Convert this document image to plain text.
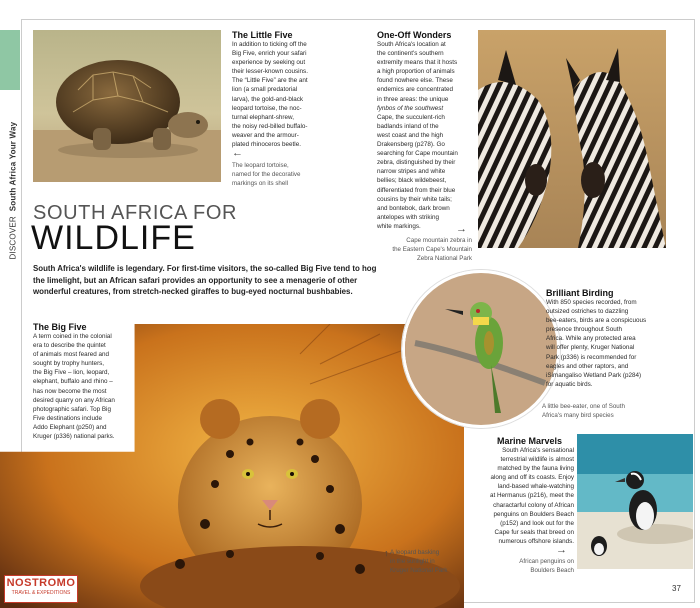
DISCOVER  South Africa Your Way
The Little Five
In addition to ticking off the
Big Five, enrich your safari
experience by seeking out
their lesser-known cousins.
The “Little Five” are the ant
lion (a small predatorial
larva), the gold-and-black
leopard tortoise, the noc-
turnal elephant-shrew,
the noisy red-billed buffalo-
weaver and the armour-
plated rhinoceros beetle.
←
The leopard tortoise,
named for the decorative
markings on its shell
One-Off Wonders
South Africa's location at
the continent's southern
extremity means that it hosts
a high proportion of animals
found nowhere else. These
endemics are concentrated
in three areas: the unique
fynbos of the southwest
Cape, the succulent-rich
badlands inland of the
west coast and the high
Drakensberg (p278). Go
searching for Cape mountain
zebra, distinguished by their
narrow stripes and white
bellies; black wildebeest,
differentiated from their blue
cousins by their white tails;
and bontebok, dark brown
antelopes with striking
white markings.	→
Cape mountain zebra in
the Eastern Cape's Mountain
Zebra National Park
SOUTH AFRICA FOR
WILDLIFE
South Africa's wildlife is legendary. For first-time visitors, the so-called Big Five tend to hog the limelight, but an African safari provides an opportunity to see a menagerie of other wonderful creatures, from stretch-necked giraffes to bug-eyed nocturnal bushbabies.
The Big Five
A term coined in the colonial
era to describe the quintet
of animals most feared and
sought by trophy hunters,
the Big Five – lion, leopard,
elephant, buffalo and rhino –
has now become the most
desired quarry on any African
photographic safari. Top Big
Five destinations include
Addo Elephant (p250) and
Kruger (p336) national parks.
↑ A leopard basking
in the sunlight in
Kruger National Park
NOSTROMO
TRAVEL & EXPEDITIONS
A little bee-eater, one of South
Africa's many bird species
Brilliant Birding
With 850 species recorded, from
outsized ostriches to dazzling
bee-eaters, birds are a conspicuous
presence throughout South
Africa. While any protected area
will offer plenty, Kruger National
Park (p336) is recommended for
eagles and other raptors, and
iSimangaliso Wetland Park (p284)
for aquatic birds.
Marine Marvels
South Africa's sensational
terrestrial wildlife is almost
matched by the fauna living
along and off its coasts. Enjoy
land-based whale-watching
at Hermanus (p216), meet the
charactarful colony of African
penguins on Boulders Beach
(p152) and look out for the
Cape fur seals that breed on
numerous offshore islands.
→
African penguins on
Boulders Beach
37
